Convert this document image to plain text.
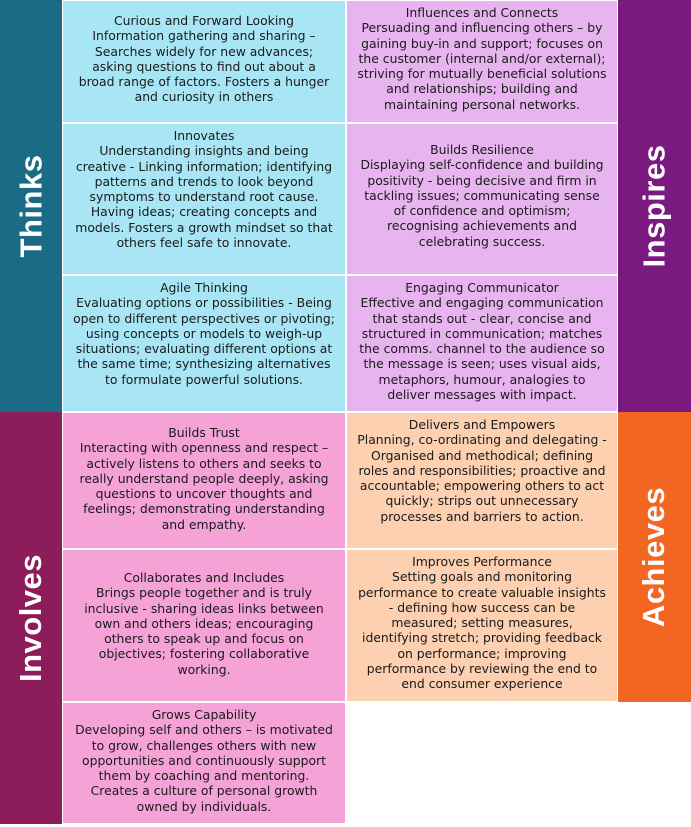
Thinks	Inspires
Involves	Achieves
Curious and Forward Looking
Information gathering and sharing – Searches widely for new advances; asking questions to find out about a broad range of factors. Fosters a hunger and curiosity in others
Innovates
Understanding insights and being creative - Linking information; identifying patterns and trends to look beyond symptoms to understand root cause. Having ideas; creating concepts and models. Fosters a growth mindset so that others feel safe to innovate.
Agile Thinking
Evaluating options or possibilities - Being open to different perspectives or pivoting; using concepts or models to weigh-up situations; evaluating different options at the same time; synthesizing alternatives to formulate powerful solutions.
Influences and Connects
Persuading and influencing others – by gaining buy-in and support; focuses on the customer (internal and/or external); striving for mutually beneficial solutions and relationships; building and maintaining personal networks.
Builds Resilience
Displaying self-confidence and building positivity - being decisive and firm in tackling issues; communicating sense of confidence and optimism; recognising achievements and celebrating success.
Engaging Communicator
Effective and engaging communication that stands out - clear, concise and structured in communication; matches the comms. channel to the audience so the message is seen; uses visual aids, metaphors, humour, analogies to deliver messages with impact.
Builds Trust
Interacting with openness and respect – actively listens to others and seeks to really understand people deeply, asking questions to uncover thoughts and feelings; demonstrating understanding and empathy.
Collaborates and Includes
Brings people together and is truly inclusive - sharing ideas links between own and others ideas; encouraging others to speak up and focus on objectives; fostering collaborative working.
Grows Capability
Developing self and others – is motivated to grow, challenges others with new opportunities and continuously support them by coaching and mentoring. Creates a culture of personal growth owned by individuals.
Delivers and Empowers
Planning, co-ordinating and delegating - Organised and methodical; defining roles and responsibilities; proactive and accountable; empowering others to act quickly; strips out unnecessary processes and barriers to action.
Improves Performance
Setting goals and monitoring performance to create valuable insights - defining how success can be measured; setting measures, identifying stretch; providing feedback on performance; improving performance by reviewing the end to end consumer experience
